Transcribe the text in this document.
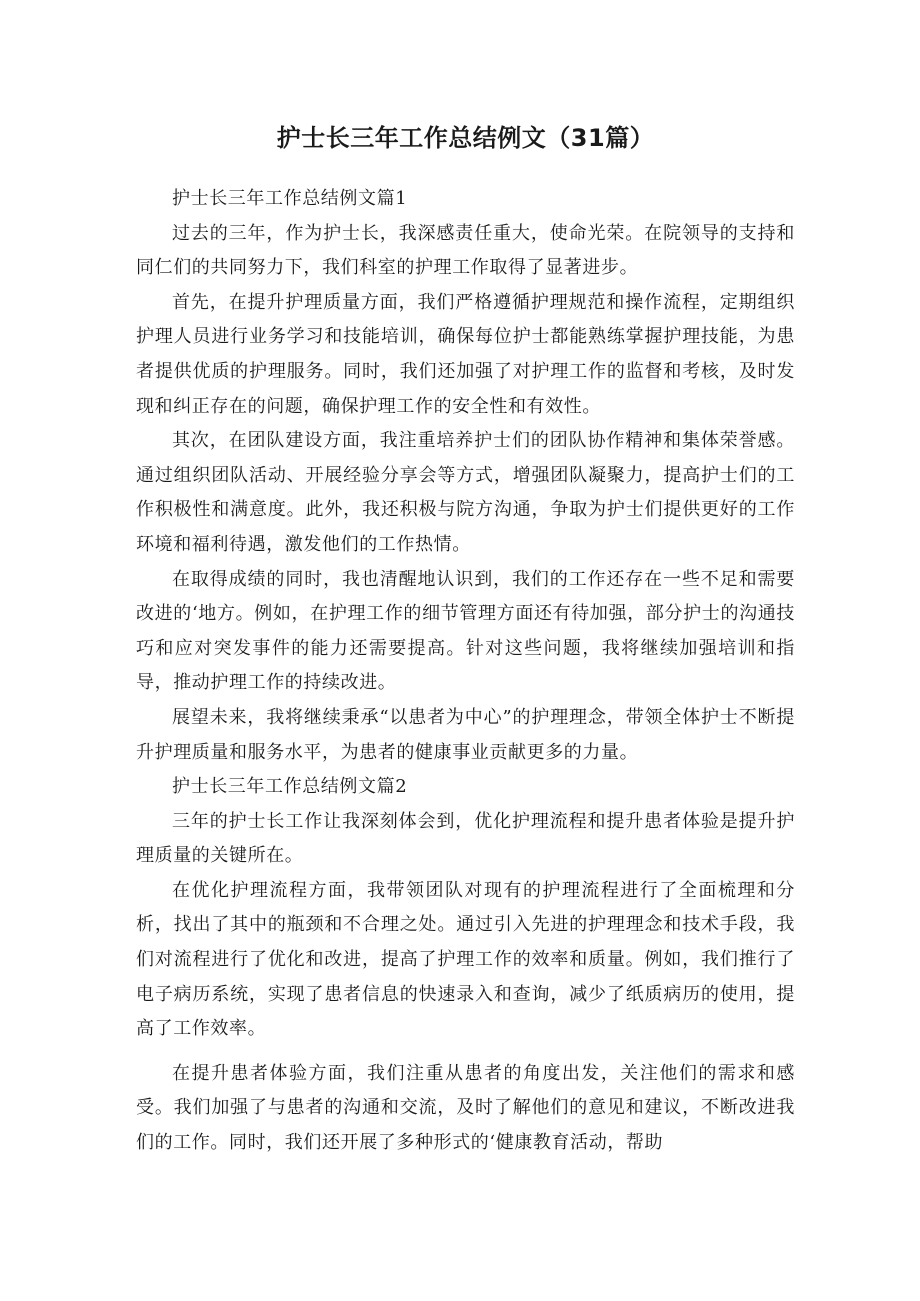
护士长三年工作总结例文（31篇）

护士长三年工作总结例文篇1

过去的三年，作为护士长，我深感责任重大，使命光荣。在院领导的支持和同仁们的共同努力下，我们科室的护理工作取得了显著进步。

首先，在提升护理质量方面，我们严格遵循护理规范和操作流程，定期组织护理人员进行业务学习和技能培训，确保每位护士都能熟练掌握护理技能，为患者提供优质的护理服务。同时，我们还加强了对护理工作的监督和考核，及时发现和纠正存在的问题，确保护理工作的安全性和有效性。

其次，在团队建设方面，我注重培养护士们的团队协作精神和集体荣誉感。通过组织团队活动、开展经验分享会等方式，增强团队凝聚力，提高护士们的工作积极性和满意度。此外，我还积极与院方沟通，争取为护士们提供更好的工作环境和福利待遇，激发他们的工作热情。

在取得成绩的同时，我也清醒地认识到，我们的工作还存在一些不足和需要改进的‘地方。例如，在护理工作的细节管理方面还有待加强，部分护士的沟通技巧和应对突发事件的能力还需要提高。针对这些问题，我将继续加强培训和指导，推动护理工作的持续改进。

展望未来，我将继续秉承“以患者为中心”的护理理念，带领全体护士不断提升护理质量和服务水平，为患者的健康事业贡献更多的力量。

护士长三年工作总结例文篇2

三年的护士长工作让我深刻体会到，优化护理流程和提升患者体验是提升护理质量的关键所在。

在优化护理流程方面，我带领团队对现有的护理流程进行了全面梳理和分析，找出了其中的瓶颈和不合理之处。通过引入先进的护理理念和技术手段，我们对流程进行了优化和改进，提高了护理工作的效率和质量。例如，我们推行了电子病历系统，实现了患者信息的快速录入和查询，减少了纸质病历的使用，提高了工作效率。

在提升患者体验方面，我们注重从患者的角度出发，关注他们的需求和感受。我们加强了与患者的沟通和交流，及时了解他们的意见和建议，不断改进我们的工作。同时，我们还开展了多种形式的‘健康教育活动，帮助
